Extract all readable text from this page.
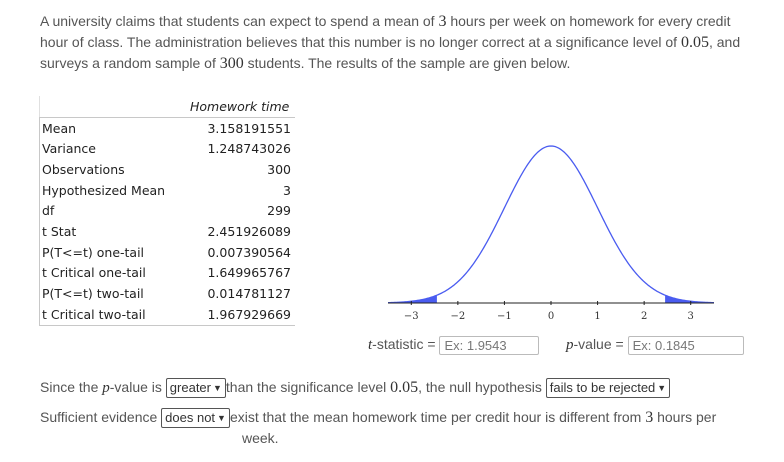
A university claims that students can expect to spend a mean of 3 hours per week on homework for every credit hour of class. The administration believes that this number is no longer correct at a significance level of 0.05, and surveys a random sample of 300 students. The results of the sample are given below.
	Homework time
Mean	3.158191551
Variance	1.248743026
Observations	300
Hypothesized Mean	3
df	299
t Stat	2.451926089
P(T<=t) one-tail	0.007390564
t Critical one-tail	1.649965767
P(T<=t) two-tail	0.014781127
t Critical two-tail	1.967929669	−3	−2	−1	0	1	2	3
t-statistic = Ex: 1.9543	p-value = Ex: 0.1845
Since the p-value is greater ▼ than the significance level 0.05, the null hypothesis fails to be rejected ▼
Sufficient evidence does not ▼ exist that the mean homework time per credit hour is different from 3 hours per
week.
